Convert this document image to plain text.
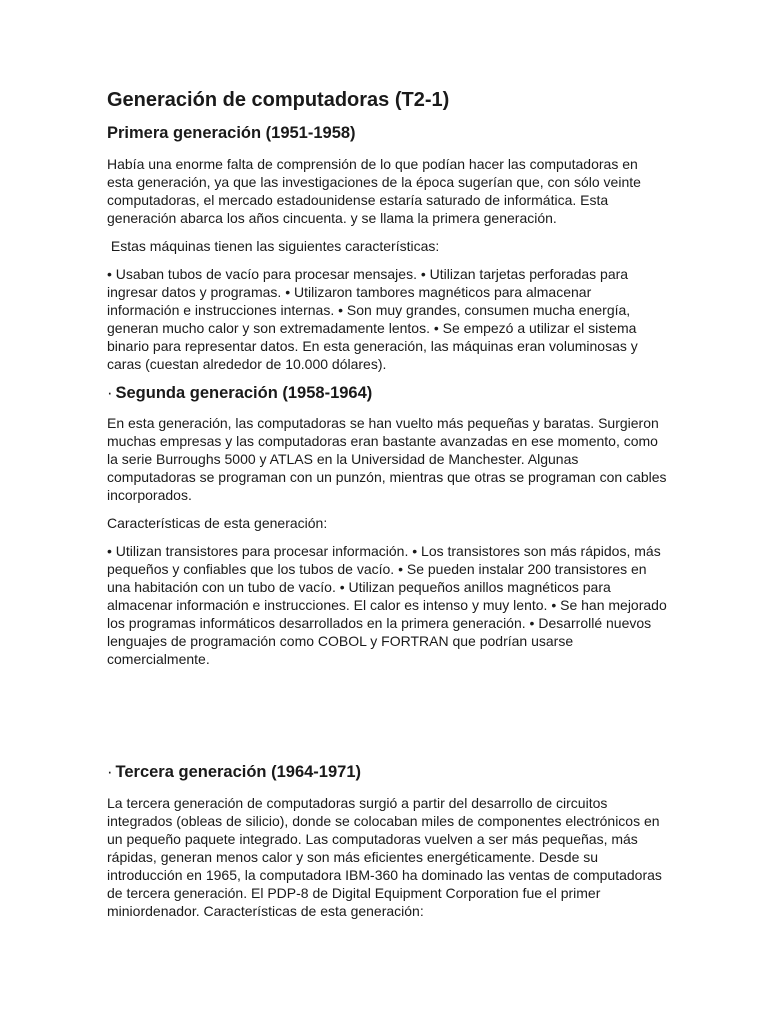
Generación de computadoras (T2-1)
Primera generación (1951-1958)

Había una enorme falta de comprensión de lo que podían hacer las computadoras en esta generación, ya que las investigaciones de la época sugerían que, con sólo veinte computadoras, el mercado estadounidense estaría saturado de informática. Esta generación abarca los años cincuenta. y se llama la primera generación.

Estas máquinas tienen las siguientes características:

• Usaban tubos de vacío para procesar mensajes. • Utilizan tarjetas perforadas para ingresar datos y programas. • Utilizaron tambores magnéticos para almacenar información e instrucciones internas. • Son muy grandes, consumen mucha energía, generan mucho calor y son extremadamente lentos. • Se empezó a utilizar el sistema binario para representar datos. En esta generación, las máquinas eran voluminosas y caras (cuestan alrededor de 10.000 dólares).

· Segunda generación (1958-1964)

En esta generación, las computadoras se han vuelto más pequeñas y baratas. Surgieron muchas empresas y las computadoras eran bastante avanzadas en ese momento, como la serie Burroughs 5000 y ATLAS en la Universidad de Manchester. Algunas computadoras se programan con un punzón, mientras que otras se programan con cables incorporados.

Características de esta generación:

• Utilizan transistores para procesar información. • Los transistores son más rápidos, más pequeños y confiables que los tubos de vacío. • Se pueden instalar 200 transistores en una habitación con un tubo de vacío. • Utilizan pequeños anillos magnéticos para almacenar información e instrucciones. El calor es intenso y muy lento. • Se han mejorado los programas informáticos desarrollados en la primera generación. • Desarrollé nuevos lenguajes de programación como COBOL y FORTRAN que podrían usarse comercialmente.

· Tercera generación (1964-1971)

La tercera generación de computadoras surgió a partir del desarrollo de circuitos integrados (obleas de silicio), donde se colocaban miles de componentes electrónicos en un pequeño paquete integrado. Las computadoras vuelven a ser más pequeñas, más rápidas, generan menos calor y son más eficientes energéticamente. Desde su introducción en 1965, la computadora IBM-360 ha dominado las ventas de computadoras de tercera generación. El PDP-8 de Digital Equipment Corporation fue el primer miniordenador. Características de esta generación:
